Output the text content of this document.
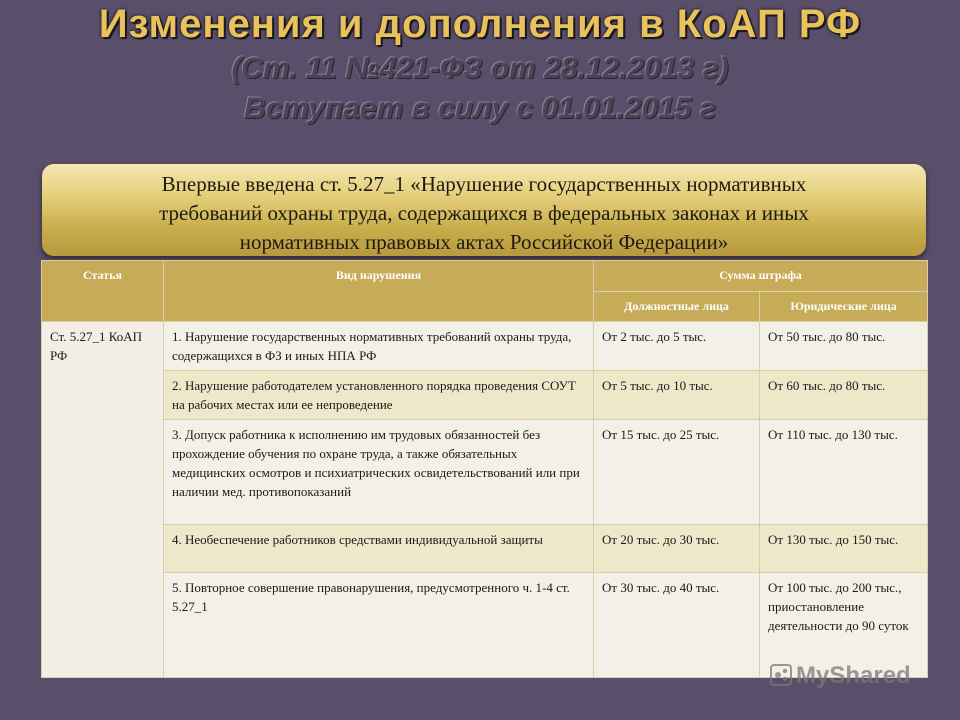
Изменения и дополнения в КоАП РФ
(Ст. 11 №421-ФЗ от 28.12.2013 г)
Вступает в силу с 01.01.2015 г
Впервые введена ст. 5.27_1 «Нарушение государственных нормативных
требований охраны труда, содержащихся в федеральных законах и иных
нормативных правовых актах Российской Федерации»
Статья	Вид нарушения	Сумма штрафа	
		Должностные лица	Юридические лица
Ст. 5.27_1 КоАП РФ	1. Нарушение государственных нормативных требований охраны труда, содержащихся в ФЗ и иных НПА РФ	От 2 тыс. до 5 тыс.	От 50 тыс. до 80 тыс.
	2. Нарушение работодателем установленного порядка проведения СОУТ на рабочих местах или ее непроведение	От 5 тыс. до 10 тыс.	От 60 тыс. до 80 тыс.
	3. Допуск работника к исполнению им трудовых обязанностей без прохождение обучения по охране труда, а также обязательных медицинских осмотров и психиатрических освидетельствований или при наличии мед. противопоказаний	От 15 тыс. до 25 тыс.	От 110 тыс. до 130 тыс.
	4. Необеспечение работников средствами индивидуальной защиты	От 20 тыс. до 30 тыс.	От 130 тыс. до 150 тыс.
	5. Повторное совершение правонарушения, предусмотренного ч. 1-4 ст. 5.27_1	От 30 тыс. до 40 тыс.	От 100 тыс. до 200 тыс., приостановление деятельности до 90 суток
MyShared
